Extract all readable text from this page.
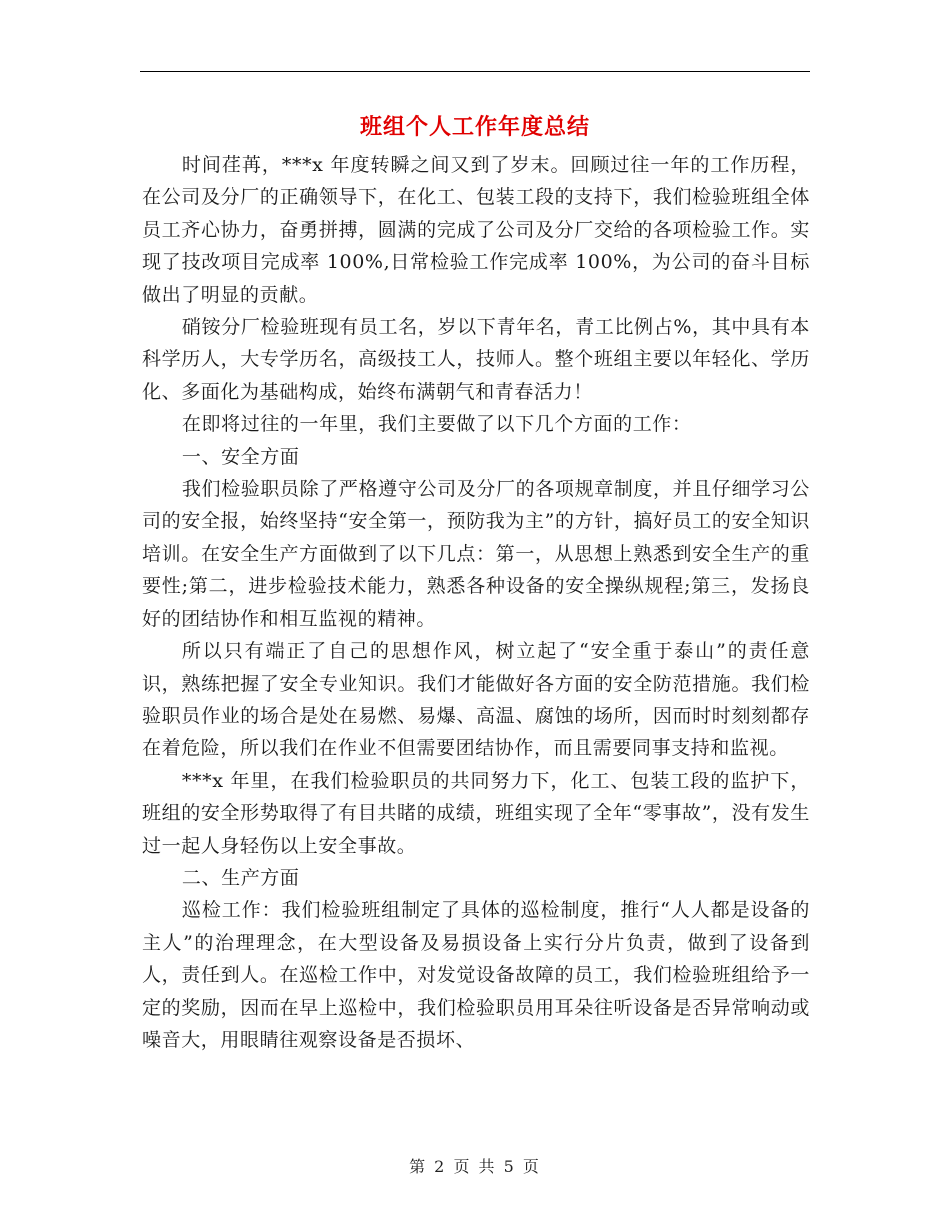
班组个人工作年度总结

时间荏苒，***x 年度转瞬之间又到了岁末。回顾过往一年的工作历程，在公司及分厂的正确领导下，在化工、包装工段的支持下，我们检验班组全体员工齐心协力，奋勇拼搏，圆满的完成了公司及分厂交给的各项检验工作。实现了技改项目完成率 100%,日常检验工作完成率 100%，为公司的奋斗目标做出了明显的贡献。

硝铵分厂检验班现有员工名，岁以下青年名，青工比例占%，其中具有本科学历人，大专学历名，高级技工人，技师人。整个班组主要以年轻化、学历化、多面化为基础构成，始终布满朝气和青春活力！

在即将过往的一年里，我们主要做了以下几个方面的工作：

一、安全方面

我们检验职员除了严格遵守公司及分厂的各项规章制度，并且仔细学习公司的安全报，始终坚持“安全第一，预防我为主”的方针，搞好员工的安全知识培训。在安全生产方面做到了以下几点：第一，从思想上熟悉到安全生产的重要性;第二，进步检验技术能力，熟悉各种设备的安全操纵规程;第三，发扬良好的团结协作和相互监视的精神。

所以只有端正了自己的思想作风，树立起了“安全重于泰山”的责任意识，熟练把握了安全专业知识。我们才能做好各方面的安全防范措施。我们检验职员作业的场合是处在易燃、易爆、高温、腐蚀的场所，因而时时刻刻都存在着危险，所以我们在作业不但需要团结协作，而且需要同事支持和监视。

***x 年里，在我们检验职员的共同努力下，化工、包装工段的监护下，班组的安全形势取得了有目共睹的成绩，班组实现了全年“零事故”，没有发生过一起人身轻伤以上安全事故。

二、生产方面

巡检工作：我们检验班组制定了具体的巡检制度，推行“人人都是设备的主人”的治理理念，在大型设备及易损设备上实行分片负责，做到了设备到人，责任到人。在巡检工作中，对发觉设备故障的员工，我们检验班组给予一定的奖励，因而在早上巡检中，我们检验职员用耳朵往听设备是否异常响动或噪音大，用眼睛往观察设备是否损坏、

第 2 页 共 5 页
